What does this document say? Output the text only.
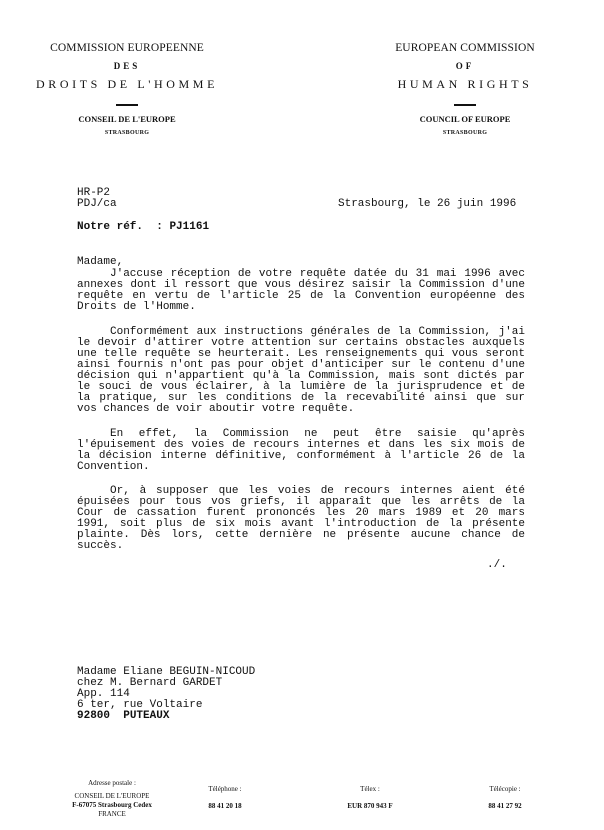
COMMISSION EUROPEENNE
DES
DROITS DE L'HOMME
CONSEIL DE L'EUROPE
STRASBOURG
EUROPEAN COMMISSION
OF
HUMAN RIGHTS
COUNCIL OF EUROPE
STRASBOURG
HR-P2
PDJ/ca	Strasbourg, le 26 juin 1996
Notre réf.  : PJ1161
Madame,

J'accuse réception de votre requête datée du 31 mai 1996 avec annexes dont il ressort que vous désirez saisir la Commission d'une requête en vertu de l'article 25 de la Convention européenne des Droits de l'Homme.

Conformément aux instructions générales de la Commission, j'ai le devoir d'attirer votre attention sur certains obstacles auxquels une telle requête se heurterait. Les renseignements qui vous seront ainsi fournis n'ont pas pour objet d'anticiper sur le contenu d'une décision qui n'appartient qu'à la Commission, mais sont dictés par le souci de vous éclairer, à la lumière de la jurisprudence et de la pratique, sur les conditions de la recevabilité ainsi que sur vos chances de voir aboutir votre requête.

En effet, la Commission ne peut être saisie qu'après l'épuisement des voies de recours internes et dans les six mois de la décision interne définitive, conformément à l'article 26 de la Convention.

Or, à supposer que les voies de recours internes aient été épuisées pour tous vos griefs, il apparaît que les arrêts de la Cour de cassation furent prononcés les 20 mars 1989 et 20 mars 1991, soit plus de six mois avant l'introduction de la présente plainte. Dès lors, cette dernière ne présente aucune chance de succès.

./.
Madame Eliane BEGUIN-NICOUD
chez M. Bernard GARDET
App. 114
6 ter, rue Voltaire
92800 PUTEAUX
Adresse postale :
CONSEIL DE L'EUROPE
F-67075 Strasbourg Cedex
FRANCE
Téléphone :
88 41 20 18
Télex :
EUR 870 943 F
Télécopie :
88 41 27 92
